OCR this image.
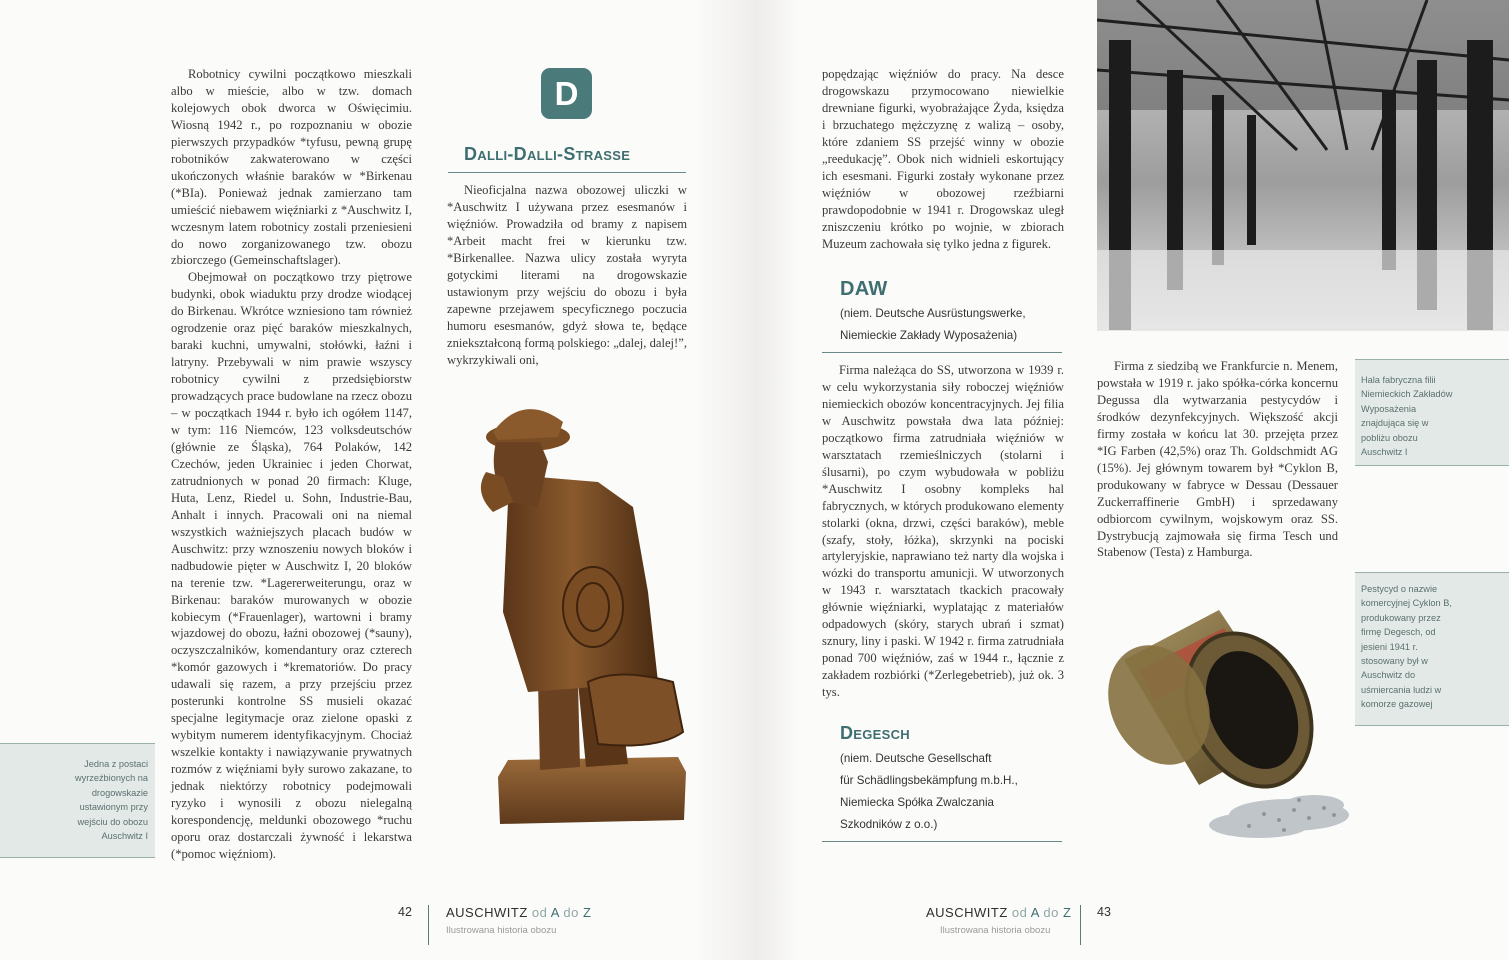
Robotnicy cywilni początkowo mieszkali albo w mieście, albo w tzw. domach kolejowych obok dworca w Oświęcimiu. Wiosną 1942 r., po rozpoznaniu w obozie pierwszych przypadków *tyfusu, pewną grupę robotników zakwaterowano w części ukończonych właśnie baraków w *Birkenau (*BIa). Ponieważ jednak zamierzano tam umieścić niebawem więźniarki z *Auschwitz I, wczesnym latem robotnicy zostali przeniesieni do nowo zorganizowanego tzw. obozu zbiorczego (Gemeinschaftslager).

Obejmował on początkowo trzy piętrowe budynki, obok wiaduktu przy drodze wiodącej do Birkenau. Wkrótce wzniesiono tam również ogrodzenie oraz pięć baraków mieszkalnych, baraki kuchni, umywalni, stołówki, łaźni i latryny. Przebywali w nim prawie wszyscy robotnicy cywilni z przedsiębiorstw prowadzących prace budowlane na rzecz obozu – w początkach 1944 r. było ich ogółem 1147, w tym: 116 Niemców, 123 volksdeutschów (głównie ze Śląska), 764 Polaków, 142 Czechów, jeden Ukrainiec i jeden Chorwat, zatrudnionych w ponad 20 firmach: Kluge, Huta, Lenz, Riedel u. Sohn, Industrie-Bau, Anhalt i innych. Pracowali oni na niemal wszystkich ważniejszych placach budów w Auschwitz: przy wznoszeniu nowych bloków i nadbudowie pięter w Auschwitz I, 20 bloków na terenie tzw. *Lagererweiterungu, oraz w Birkenau: baraków murowanych w obozie kobiecym (*Frauenlager), wartowni i bramy wjazdowej do obozu, łaźni obozowej (*sauny), oczyszczalników, komendantury oraz czterech *komór gazowych i *krematoriów. Do pracy udawali się razem, a przy przejściu przez posterunki kontrolne SS musieli okazać specjalne legitymacje oraz zielone opaski z wybitym numerem identyfikacyjnym. Chociaż wszelkie kontakty i nawiązywanie prywatnych rozmów z więźniami były surowo zakazane, to jednak niektórzy robotnicy podejmowali ryzyko i wynosili z obozu nielegalną korespondencję, meldunki obozowego *ruchu oporu oraz dostarczali żywność i lekarstwa (*pomoc więźniom).

D
Dalli-Dalli-Strasse

Nieoficjalna nazwa obozowej uliczki w *Auschwitz I używana przez esesmanów i więźniów. Prowadziła od bramy z napisem *Arbeit macht frei w kierunku tzw. *Birkenallee. Nazwa ulicy została wyryta gotyckimi literami na drogowskazie ustawionym przy wejściu do obozu i była zapewne przejawem specyficznego poczucia humoru esesmanów, gdyż słowa te, będące zniekształconą formą polskiego: „dalej, dalej!”, wykrzykiwali oni,

Jedna z postaci wyrzeźbionych na drogowskazie ustawionym przy wejściu do obozu Auschwitz I
42	AUSCHWITZ od A do Z
Ilustrowana historia obozu

popędzając więźniów do pracy. Na desce drogowskazu przymocowano niewielkie drewniane figurki, wyobrażające Żyda, księdza i brzuchatego mężczyznę z walizą – osoby, które zdaniem SS przejść winny w obozie „reedukację”. Obok nich widnieli eskortujący ich esesmani. Figurki zostały wykonane przez więźniów w obozowej rzeźbiarni prawdopodobnie w 1941 r. Drogowskaz uległ zniszczeniu krótko po wojnie, w zbiorach Muzeum zachowała się tylko jedna z figurek.

DAW
(niem. Deutsche Ausrüstungswerke,
Niemieckie Zakłady Wyposażenia)

Firma należąca do SS, utworzona w 1939 r. w celu wykorzystania siły roboczej więźniów niemieckich obozów koncentracyjnych. Jej filia w Auschwitz powstała dwa lata później: początkowo firma zatrudniała więźniów w warsztatach rzemieślniczych (stolarni i ślusarni), po czym wybudowała w pobliżu *Auschwitz I osobny kompleks hal fabrycznych, w których produkowano elementy stolarki (okna, drzwi, części baraków), meble (szafy, stoły, łóżka), skrzynki na pociski artyleryjskie, naprawiano też narty dla wojska i wózki do transportu amunicji. W utworzonych w 1943 r. warsztatach tkackich pracowały głównie więźniarki, wyplatając z materiałów odpadowych (skóry, starych ubrań i szmat) sznury, liny i paski. W 1942 r. firma zatrudniała ponad 700 więźniów, zaś w 1944 r., łącznie z zakładem rozbiórki (*Zerlegebetrieb), już ok. 3 tys.

Degesch
(niem. Deutsche Gesellschaft
für Schädlingsbekämpfung m.b.H.,
Niemiecka Spółka Zwalczania
Szkodników z o.o.)

Firma z siedzibą we Frankfurcie n. Menem, powstała w 1919 r. jako spółka-córka koncernu Degussa dla wytwarzania pestycydów i środków dezynfekcyjnych. Większość akcji firmy została w końcu lat 30. przejęta przez *IG Farben (42,5%) oraz Th. Goldschmidt AG (15%). Jej głównym towarem był *Cyklon B, produkowany w fabryce w Dessau (Dessauer Zuckerraffinerie GmbH) i sprzedawany odbiorcom cywilnym, wojskowym oraz SS. Dystrybucją zajmowała się firma Tesch und Stabenow (Testa) z Hamburga.

Hala fabryczna filii Niemieckich Zakładów Wyposażenia znajdująca się w pobliżu obozu Auschwitz I
Pestycyd o nazwie komercyjnej Cyklon B, produkowany przez firmę Degesch, od jesieni 1941 r. stosowany był w Auschwitz do uśmiercania ludzi w komorze gazowej
AUSCHWITZ od A do Z
Ilustrowana historia obozu
43
